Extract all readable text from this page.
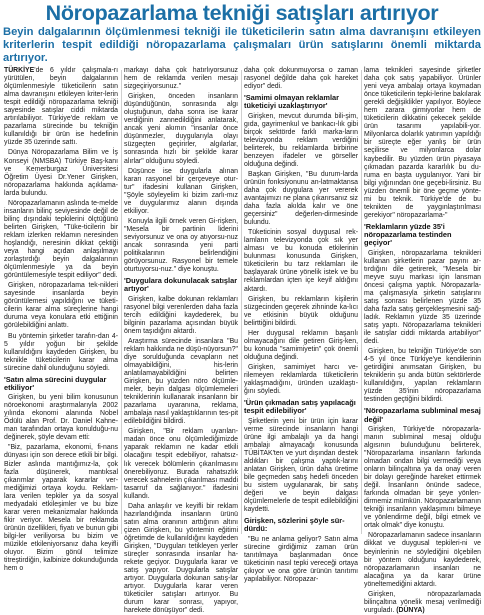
Nöropazarlama tekniği satışları artırıyor

Beyin dalgalarının ölçümlenmesi tekniği ile tüketicilerin satın alma davranışını etkileyen kriterlerin tespit edildiği nöropazarlama çalışmaları ürün satışlarını önemli miktarda artırıyor.

TÜRKİYE'de 6 yıldır çalışmala-rı yürütülen, beyin dalgalarının ölçümlenmesiyle tüketicilerin satın alma davranışını etkileyen kriter-lerin tespit edildiği nöropazarlama tekniği sayesinde satışlar ciddi miktarda artırılabiliyor. Türkiye'de reklam ve pazarlama sürecinde bu tekniğin kullanıldığı bir ürün ise hedefinin yüzde 35 üzerinde sattı.

Dünya Nöropazarlama Bilim ve İş Konseyi (NMSBA) Türkiye Baş-kanı ve Kemerburgaz Üniversitesi Öğretim Üyesi Dr.Yener Girişken, nöropazarlama hakkında açıklama-larda bulundu.

Nöropazarlamanın aslında te-melde insanların bilinç seviyesinde değil de bilinç dışındaki tepkilerini ölçtüğünü belirten Girişken, "Tüke-ticilerin bir reklam izlerken reklamın neresinden hoşlandığı, neresinin dikkat çektiği veya hangi açıdan anlaşılmayı zorlaştırdığı beyin dalgalarının ölçümlenmesiyle ya da beyin görüntülemesiyle tespit ediliyor" dedi.

Girişken, nöropazarlama tek-nikleri sayesinde insanlarda beyin görüntülemesi yapıldığını ve tüketi-cilerin karar alma süreçlerine hangi duruma veya konulara etki ettiğinin görülebildiğini anlattı.

Bu yöntemin şirketler tarafın-dan 4-5 yıldır yoğun bir şekilde kullanıldığını kaydeden Girişken, bu teknikle tüketicilerin karar alma sürecine dahil olunduğunu söyledi.

'Satın alma sürecini duygular etkiliyor'

Girişken, bu yeni bilim konusunun nöroekonomi araştırmalarıyla 2002 yılında ekonomi alanında Nobel Ödülü alan Prof. Dr. Daniel Kahne-man tarafından ortaya konulduğu-nu değinerek, şöyle devam etti:

"Biz, pazarlama, ekonomi, fi-nans dünyası için son derece etkili bir bilgi. Bizler aslında mantığımız-la, çok fazla düşünerek, mantıksal çıkarımlar yaparak kararlar ver-mediğimizi ortaya koydu. Reklam-lara verilen tepkiler ya da sosyal medyadaki etkileşimler ve bu bize karar veren mekanizmalar hakkında fikir veriyor. Mesela bir reklamda ürünün özellikleri, fiyatı ve bunun gibi bilgi-ler veriliyorsa bu bizim ve müzikle etkileniyorsanız daha keyifli oluyor. Bizim gönül telimize titreştirdiğin, kalbinize dokunduğunda hem o

markayı daha çok hatırlıyorsunuz hem de reklamda verilen mesajı sizgeçiriyorsunuz."

Girişken, önceden insanların düşündüğünün, sonrasında algı oluştuğunun, daha sonra ise karar verdiğinin zannedildiğini anlatarak, ancak yeni akımın "insanlar önce düşünmezler, duygularıyla olayı süzgeçten geçirirler, algılarlar, sonrasında hızlı bir şekilde karar alırlar" olduğunu söyledi.

Düşünce ise duygularla alınan kararı rasyonel bir çerçeveye otur-tur" ifadesini kullanan Girişken, "Şöyle söyleyelim ki bizim zarlı-mız ve duygularımız alanın dışında etkiliyor.

Konuyla ilgili örnek veren Gi-rişken, "Mesela bir partinin liderini seviyorsunuz ve ona oy atıyorsu-nuz ancak sonrasında yeni parti politikalarının belirlendiğini görüyorsunuz. Rasyonel bir temele oturtuyorsu-nuz." diye konuştu.

'Duygulara dokunulacak satışlar artıyor'

Girişken, kalbe dokunan reklamları rasyonel bilgi verenlerden daha fazla tercih edildiğini kaydederek, bu bilginin pazarlama açısından büyük önem taşıdığını aktardı.

Araştırma sürecinde insanlara "Bu reklam hakkında ne düşü-nüyorsun?" diye sorulduğunda cevapların net olmayabildiğini, his-lerin anlatılamayabildiğini belirten Girişken, bu yüzden nöro ölçümle-meler, beyin dalgası ölçümlemeleri tekniklerinin kullanarak insanların bir pazarlama uyaranına, reklama, ambalaja nasıl yaklaştıklarının tes-pit edilebildiğini bildirdi.

Girişken, "Bir reklam uyarılan-madan önce onu ölçümlediğimizde yaparak reklamın ne kadar etkili olacağını tespit edebiliyor, rahatsız-lık verecek bölümlerin çıkarılmasını önerebiliyoruz. Burada rahatsızlık verecek sahnelerin çıkarılması maddi tasarruf da sağlanıyor." ifadesini kullandı.

Daha anlaşılır ve keyifli bir reklam hazırlandığında insanların ürünü satın alma oranının arttığının altını çizen Girişken, bu yöntemin eğitimi öğretimde de kullanıldığını kaydeden Girişken, "Duyguları tetikleyen yerler süreçler sonrasında insanlar ha-rekete geçiyor. Duygularla karar ve satış yapıyor. Duygularla satışlar artıyor. Duygularla dokunan satış-lar artıyor. Duygularla karar veren tüketiciler satışları artırıyor. Bu durum karar sonrası, yapıyor, harekete dönüşüyor" dedi.

daha çok dokunmuyorsa o zaman rasyonel değilde daha çok hareket ediyor" dedi.

'Samimi olmayan reklamlar tüketiciyi uzaklaştırıyor'

Girişken, mevcut durumda bili-şim, gıda, gayrimenkul ve bankacı-lık gibi birçok sektörde farklı marka-ların televizyonda reklam verdiğini belirterek, bu reklamlarda birbirine benzeyen ifadeler ve görseller olduğuna değindi.

Başkan Girişken, "Bu durum-larda ürünün fonksiyonunu an-latmaktansa daha çok duygulara yer vererek avantajımızı ne plana çıkarırsanız siz daha fazla akılda kalır ve öne geçersiniz" değerlen-dirmesinde bulundu.

Tüketicinin sosyal duygusal rek-lamların televizyonda çok sık yer alması ve bu konuda etkilerinin bulunması konusunda Girişken, tüketicilerin bu tarz reklamları ile başlayarak ürüne yönelik istek ve bu reklamlardan içten içe keyif aldığını aktardı.

Girişken, bu reklamların kişilerin süzgecinden geçerek zihninde ka-lıcı ve etkisinin büyük olduğunu belirttiğini bildirdi.

Her duygusal reklamın başarılı olmayacağını dile getiren Giriş-ken, bu konuda "samimiyetin" çok önemli olduğuna değindi.

Girişken, samimiyet harcı ve-rilemeyen reklamlarda tüketicilerin yaklaşmadığını, üründen uzaklaştı-ğını söyledi.

'Ürün çıkmadan satış yapılacağı tespit edilebiliyor'

Şirketlerin yeni bir ürün için karar verme sürecinde insanların hangi ürüne ilgi ambalajlı ya da hangi ambalajı almayacağı konusunda TÜBİTAK'ten ve yurt dışından destek aldıkları bir çalışma yaptık-larını anlatan Girişken, ürün daha üretime bile geçmeden satış hedefi önceden bu sistem uygulanarak, bir satış değeri ve beyin dalgası ölçümlemelerle de tespit edilebildiğini kaydetti.

Girişken, sözlerini şöyle sür-dürdü:

"Bu ne anlama geliyor? Satın alma sürecine girdiğimiz zaman ürün tanıtılmaya başlanmadan önce tüketicinin nasıl tepki vereceği ortaya çıkıyor ve ona göre ürünün tanıtımı yapılabiliyor. Nöropazar-

lama teknikleri sayesinde şirketler daha çok satış yapabiliyor. Ürünler yeni veya ambalajı ortaya koymadan önce tüketicilerin tepki-lerine bakılarak gerekli değişiklikler yapılıyor. Böylece hem zarara girmiyorlar hem de tüketicilerin dikkatini çekecek şekilde ürün tasarımı yapılabili-yor. Milyonlarca dolarlık yatırımın yapıldığı bir süreçte eğer yanlış bir ürün seçilirse ve milyonlarca dolar kaybedilir. Bu yüzden ürün piyasaya çıkmadan pazarda kararlılık bu du-ruma en başta uygulanıyor. Yani bir bilgi yığınından öne geçebi-lirsiniz. Bu yüzden önemli bir öne geçme yönte-mi bu teknik. Türkiye'de de bu teknikten de yaygınlaştırılması gerekiyor" nöropazarlama-"

'Reklamların yüzde 35'i nöropazarlama testinden geçiyor'

Girişken, nöropazarlama teknikleri kullanan şirketlerin pazar payını ar-tırdığını dile getirerek, "Mesela bir meyve suyu markası için lansman öncesi çalışma yaptık. Nöropazarla-ma çalışmasıyla şirketin satışlarını satış sonrası belirlenen yüzde 35 daha fazla satış gerçekleşmesini sağ-ladık. Reklamın yüzde 35 üzerinde satış yaptı. Nöropazarlama teknikleri ile satışlar ciddi miktarda artabiliyor" dedi.

Girişken, bu tekniğin Türkiye'de son 4-5 yıl önce Türkiye'ye kendilerinin getirdiğini anımsatan Girişken, bu tekniklerin şu anda bütün sektörlerde kullanıldığını, yapılan reklamların yüzde 35'inin nöropazarlama testinden geçtiğini bildirdi.

'Nöropazarlama sublıminal mesaj değil'

Girişken, Türkiye'de nöropazarla-manın sublıminal mesaj olduğu algısının bulunduğunu belirterek, "Nöropazarlama insanların farkında olmadan ondan bilgi vermediği veya onların bilinçaltına ya da onay veren bir dolayı gereğinde hareket ettirmek değil. İnsanların önünde sadece, farkında olmadan bir şeye yönlen-dirmemiz mümkün. Nöropazarlamanın tekniği insanların yaklaşımını bilmeye ve yönlendirme değil, bilgi etmek ve ortak olmak" diye konuştu.

Nöropazarlamanın sadece insanların dikkat ve duygusal tepkileri-ni ve beyinlerinin ne söylediğini ölçebilen bir yöntem olduğunu kaydederek, nöropazarlamanın insanları ne alacağına ya da karar ürüne yöneltemediğini aktardı.

Girişken, nöropazarlamada bilinçaltına yönelik mesaj verilmediği vurguladı. (DÜNYA)
